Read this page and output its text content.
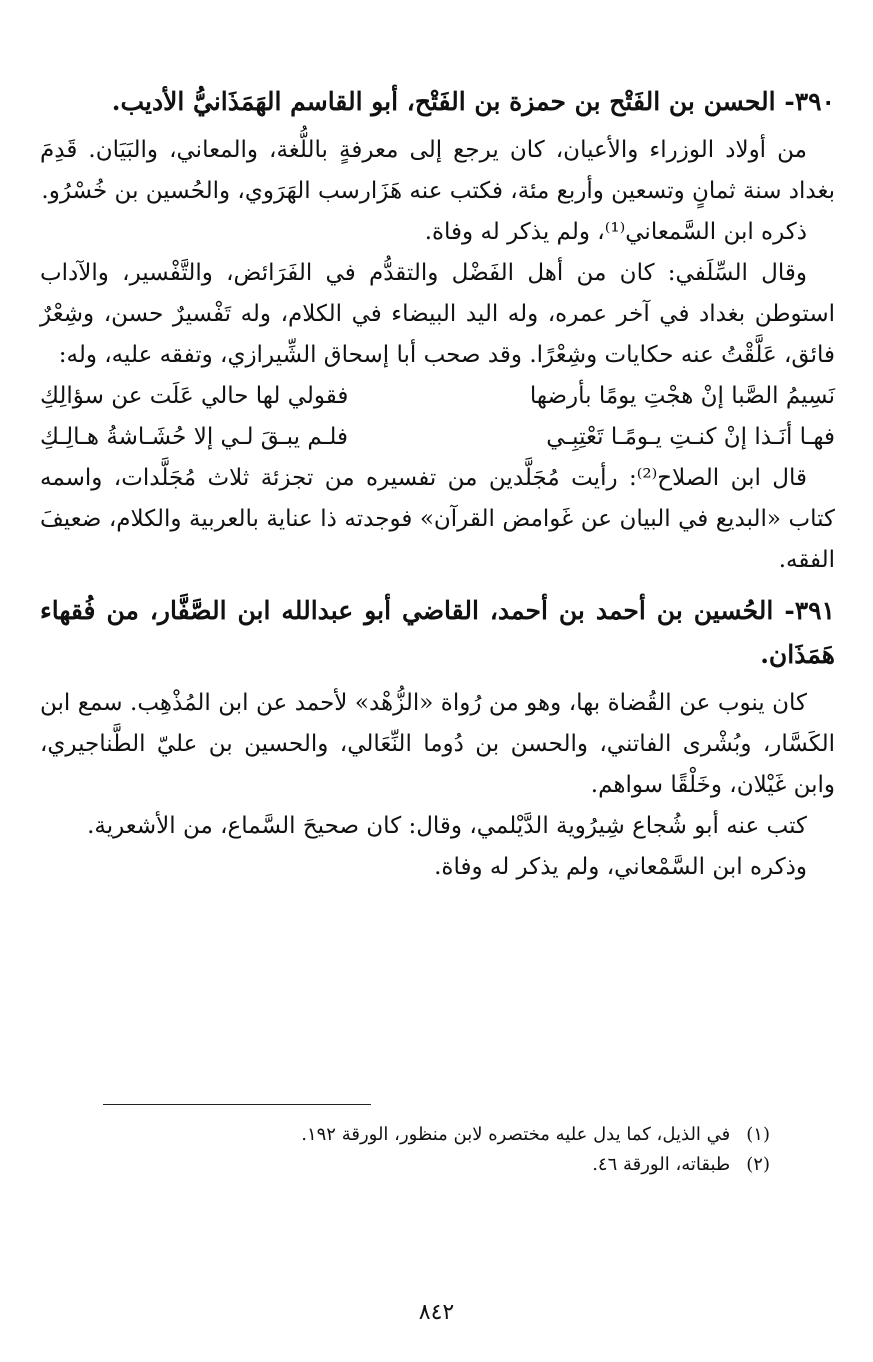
٣٩٠- الحسن بن الفَتْح بن حمزة بن الفَتْح، أبو القاسم الهَمَذَانيُّ الأديب.

من أولاد الوزراء والأعيان، كان يرجع إلى معرفةٍ باللُّغة، والمعاني، والبَيَان. قَدِمَ بغداد سنة ثمانٍ وتسعين وأربع مئة، فكتب عنه هَزَارسب الهَرَوي، والحُسين بن خُسْرُو.

ذكره ابن السَّمعاني⁽¹⁾، ولم يذكر له وفاة.

وقال السِّلَفي: كان من أهل الفَضْل والتقدُّم في الفَرَائض، والتَّفْسير، والآداب استوطن بغداد في آخر عمره، وله اليد البيضاء في الكلام، وله تَفْسيرٌ حسن، وشِعْرٌ فائق، عَلَّقْتُ عنه حكايات وشِعْرًا. وقد صحب أبا إسحاق الشِّيرازي، وتفقه عليه، وله:

نَسِيمُ الصَّبا إنْ هجْتِ يومًا بأرضها
فقولي لها حالي عَلَت عن سؤالِكِ

فهـا أنَـذا إنْ كنـتِ يـومًـا تَعْتِبِـي
فلـم يبـقَ لـي إلا حُشَـاشةُ هـالِـكِ

قال ابن الصلاح⁽²⁾: رأيت مُجَلَّدين من تفسيره من تجزئة ثلاث مُجَلَّدات، واسمه كتاب «البديع في البيان عن غَوامض القرآن» فوجدته ذا عناية بالعربية والكلام، ضعيفَ الفقه.

٣٩١- الحُسين بن أحمد بن أحمد، القاضي أبو عبدالله ابن الصَّفَّار، من فُقهاء هَمَذَان.

كان ينوب عن القُضاة بها، وهو من رُواة «الزُّهْد» لأحمد عن ابن المُذْهِب. سمع ابن الكَسَّار، وبُشْرى الفاتني، والحسن بن دُوما النِّعَالي، والحسين بن عليّ الطَّناجيري، وابن غَيْلان، وخَلْقًا سواهم.

كتب عنه أبو شُجاع شِيرُوية الدَّيْلمي، وقال: كان صحيحَ السَّماع، من الأشعرية.

وذكره ابن السَّمْعاني، ولم يذكر له وفاة.

(١) في الذيل، كما يدل عليه مختصره لابن منظور، الورقة ١٩٢.

(٢) طبقاته، الورقة ٤٦.

٨٤٢
